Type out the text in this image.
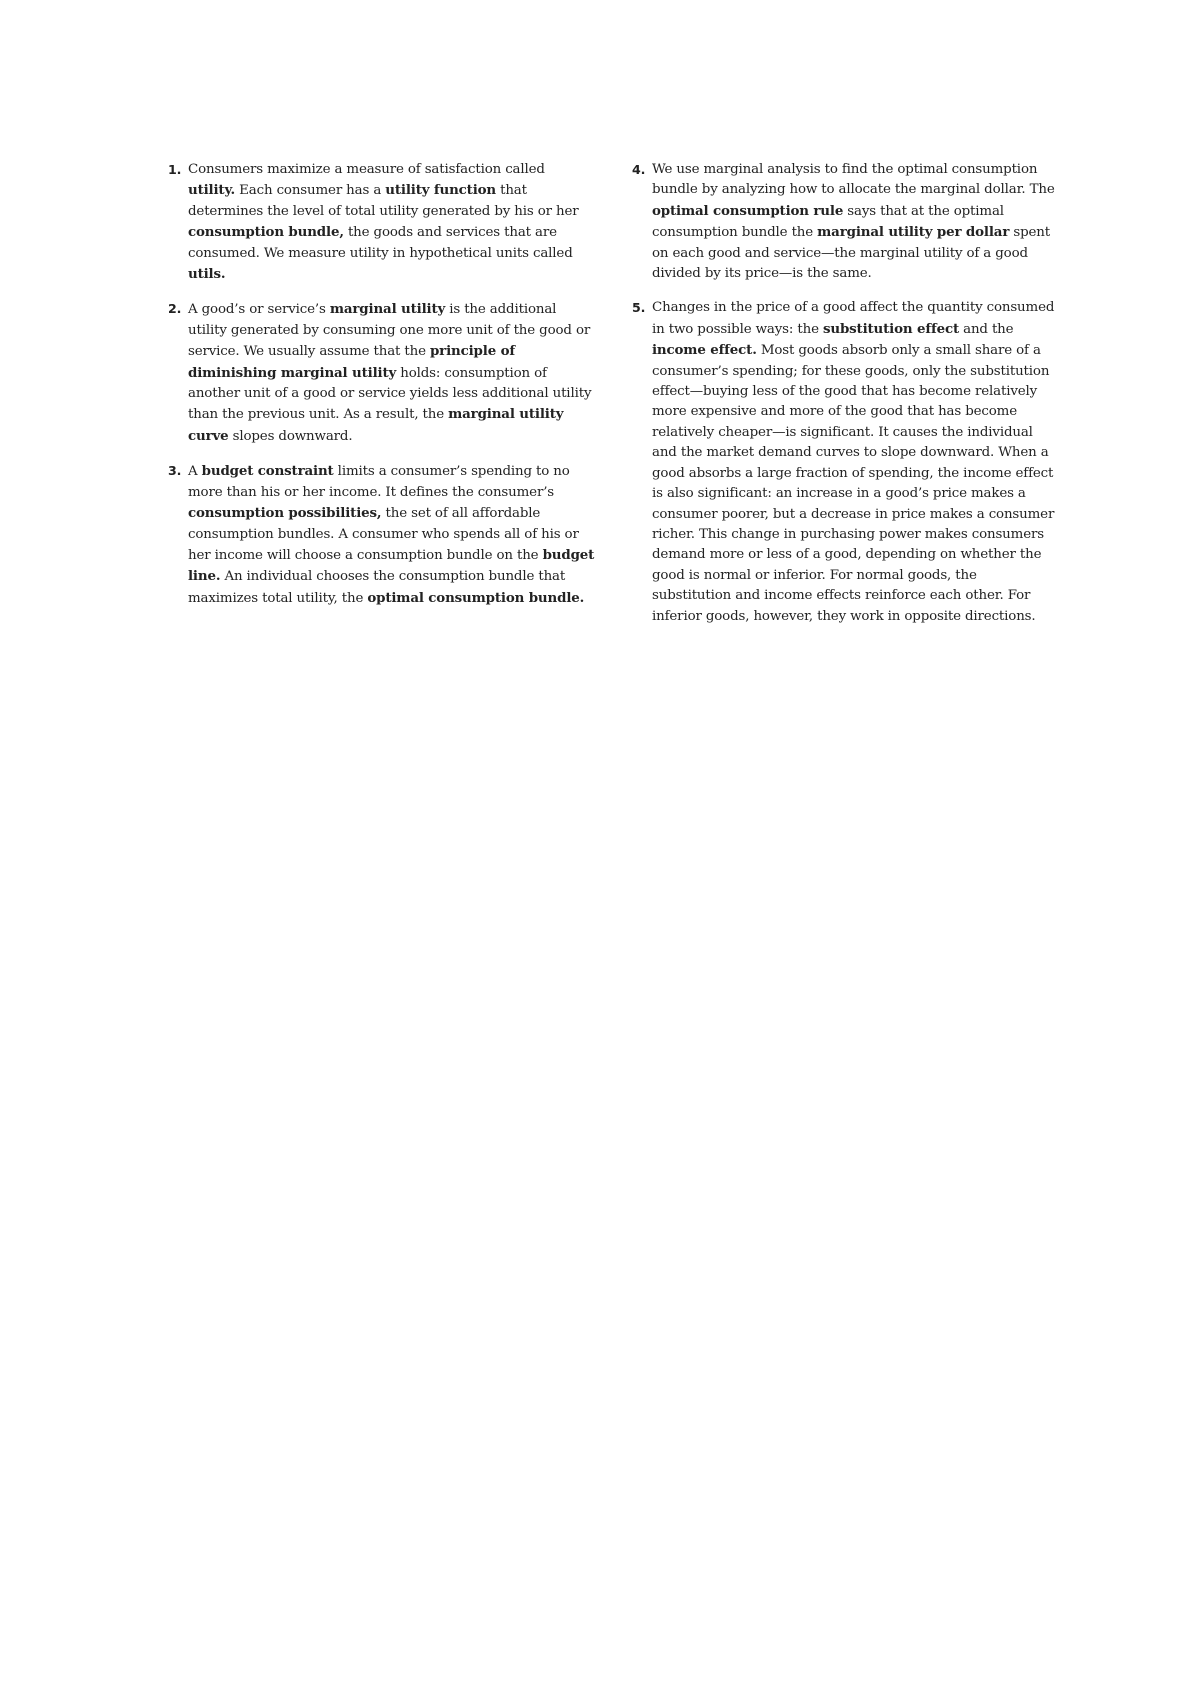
1. Consumers maximize a measure of satisfaction called utility. Each consumer has a utility function that determines the level of total utility generated by his or her consumption bundle, the goods and services that are consumed. We measure utility in hypothetical units called utils.
2. A good’s or service’s marginal utility is the additional utility generated by consuming one more unit of the good or service. We usually assume that the principle of diminishing marginal utility holds: consumption of another unit of a good or service yields less additional utility than the previous unit. As a result, the marginal utility curve slopes downward.
3. A budget constraint limits a consumer’s spending to no more than his or her income. It defines the consumer’s consumption possibilities, the set of all affordable consumption bundles. A consumer who spends all of his or her income will choose a consumption bundle on the budget line. An individual chooses the consumption bundle that maximizes total utility, the optimal consumption bundle.
4. We use marginal analysis to find the optimal consumption bundle by analyzing how to allocate the marginal dollar. The optimal consumption rule says that at the optimal consumption bundle the marginal utility per dollar spent on each good and service—the marginal utility of a good divided by its price—is the same.
5. Changes in the price of a good affect the quantity consumed in two possible ways: the substitution effect and the income effect. Most goods absorb only a small share of a consumer’s spending; for these goods, only the substitution effect—buying less of the good that has become relatively more expensive and more of the good that has become relatively cheaper—is significant. It causes the individual and the market demand curves to slope downward. When a good absorbs a large fraction of spending, the income effect is also significant: an increase in a good’s price makes a consumer poorer, but a decrease in price makes a consumer richer. This change in purchasing power makes consumers demand more or less of a good, depending on whether the good is normal or inferior. For normal goods, the substitution and income effects reinforce each other. For inferior goods, however, they work in opposite directions.
